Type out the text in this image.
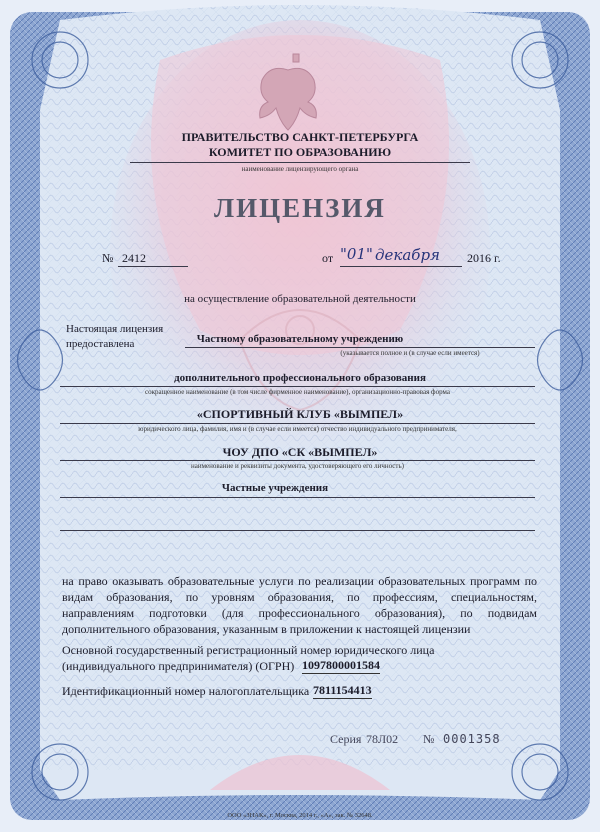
ПРАВИТЕЛЬСТВО САНКТ-ПЕТЕРБУРГА
КОМИТЕТ ПО ОБРАЗОВАНИЮ
наименование лицензирующего органа
ЛИЦЕНЗИЯ
№ 2412	от "01" декабря 2016 г.
на осуществление образовательной деятельности
Настоящая лицензия
предоставлена	Частному образовательному учреждению
(указывается полное и (в случае если имеется)
дополнительного профессионального образования
сокращенное наименование (в том числе фирменное наименование), организационно-правовая форма
«СПОРТИВНЫЙ КЛУБ «ВЫМПЕЛ»
юридического лица, фамилия, имя и (в случае если имеется) отчество индивидуального предпринимателя,
ЧОУ ДПО «СК «ВЫМПЕЛ»
наименование и реквизиты документа, удостоверяющего его личность)
Частные учреждения
на право оказывать образовательные услуги по реализации образовательных программ по видам образования, по уровням образования, по профессиям, специальностям, направлениям подготовки (для профессионального образования), по подвидам дополнительного образования, указанным в приложении к настоящей лицензии
Основной государственный регистрационный номер юридического лица
(индивидуального предпринимателя) (ОГРН) 1097800001584
Идентификационный номер налогоплательщика 7811154413
Серия 78Л02 № 0001358
ООО «ЗНАК», г. Москва, 2014 г., «А», зак. № 32648.
